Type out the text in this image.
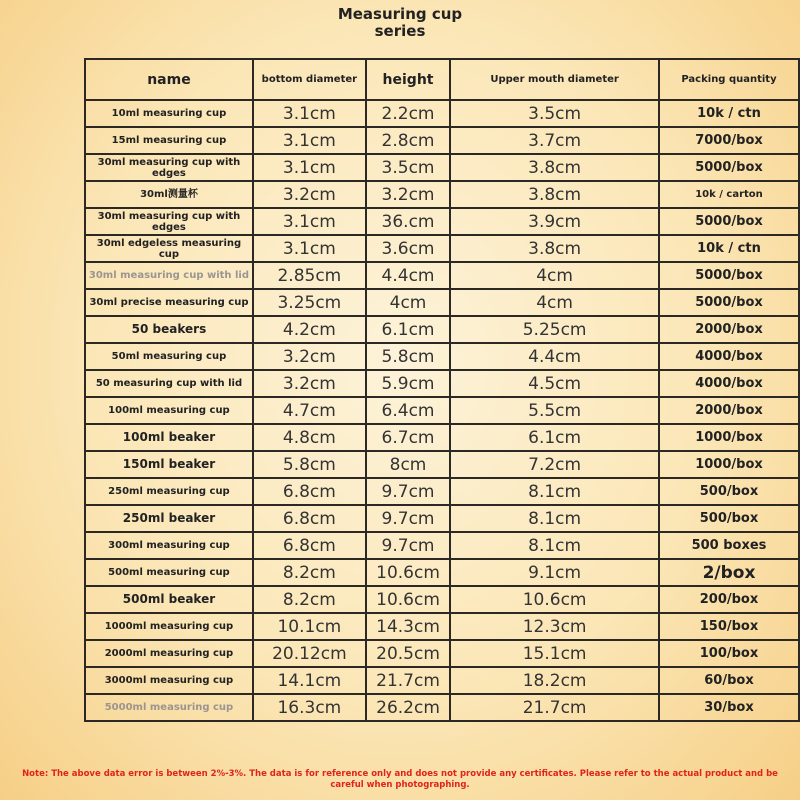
Measuring cup
series
name	bottom diameter	height	Upper mouth diameter	Packing quantity
10ml measuring cup	3.1cm	2.2cm	3.5cm	10k / ctn
15ml measuring cup	3.1cm	2.8cm	3.7cm	7000/box
30ml measuring cup with edges	3.1cm	3.5cm	3.8cm	5000/box
30ml测量杯	3.2cm	3.2cm	3.8cm	10k / carton
30ml measuring cup with edges	3.1cm	36.cm	3.9cm	5000/box
30ml edgeless measuring cup	3.1cm	3.6cm	3.8cm	10k / ctn
30ml measuring cup with lid	2.85cm	4.4cm	4cm	5000/box
30ml precise measuring cup	3.25cm	4cm	4cm	5000/box
50 beakers	4.2cm	6.1cm	5.25cm	2000/box
50ml measuring cup	3.2cm	5.8cm	4.4cm	4000/box
50 measuring cup with lid	3.2cm	5.9cm	4.5cm	4000/box
100ml measuring cup	4.7cm	6.4cm	5.5cm	2000/box
100ml beaker	4.8cm	6.7cm	6.1cm	1000/box
150ml beaker	5.8cm	8cm	7.2cm	1000/box
250ml measuring cup	6.8cm	9.7cm	8.1cm	500/box
250ml beaker	6.8cm	9.7cm	8.1cm	500/box
300ml measuring cup	6.8cm	9.7cm	8.1cm	500 boxes
500ml measuring cup	8.2cm	10.6cm	9.1cm	2/box
500ml beaker	8.2cm	10.6cm	10.6cm	200/box
1000ml measuring cup	10.1cm	14.3cm	12.3cm	150/box
2000ml measuring cup	20.12cm	20.5cm	15.1cm	100/box
3000ml measuring cup	14.1cm	21.7cm	18.2cm	60/box
5000ml measuring cup	16.3cm	26.2cm	21.7cm	30/box
Note: The above data error is between 2%-3%. The data is for reference only and does not provide any certificates. Please refer to the actual product and be careful when photographing.
